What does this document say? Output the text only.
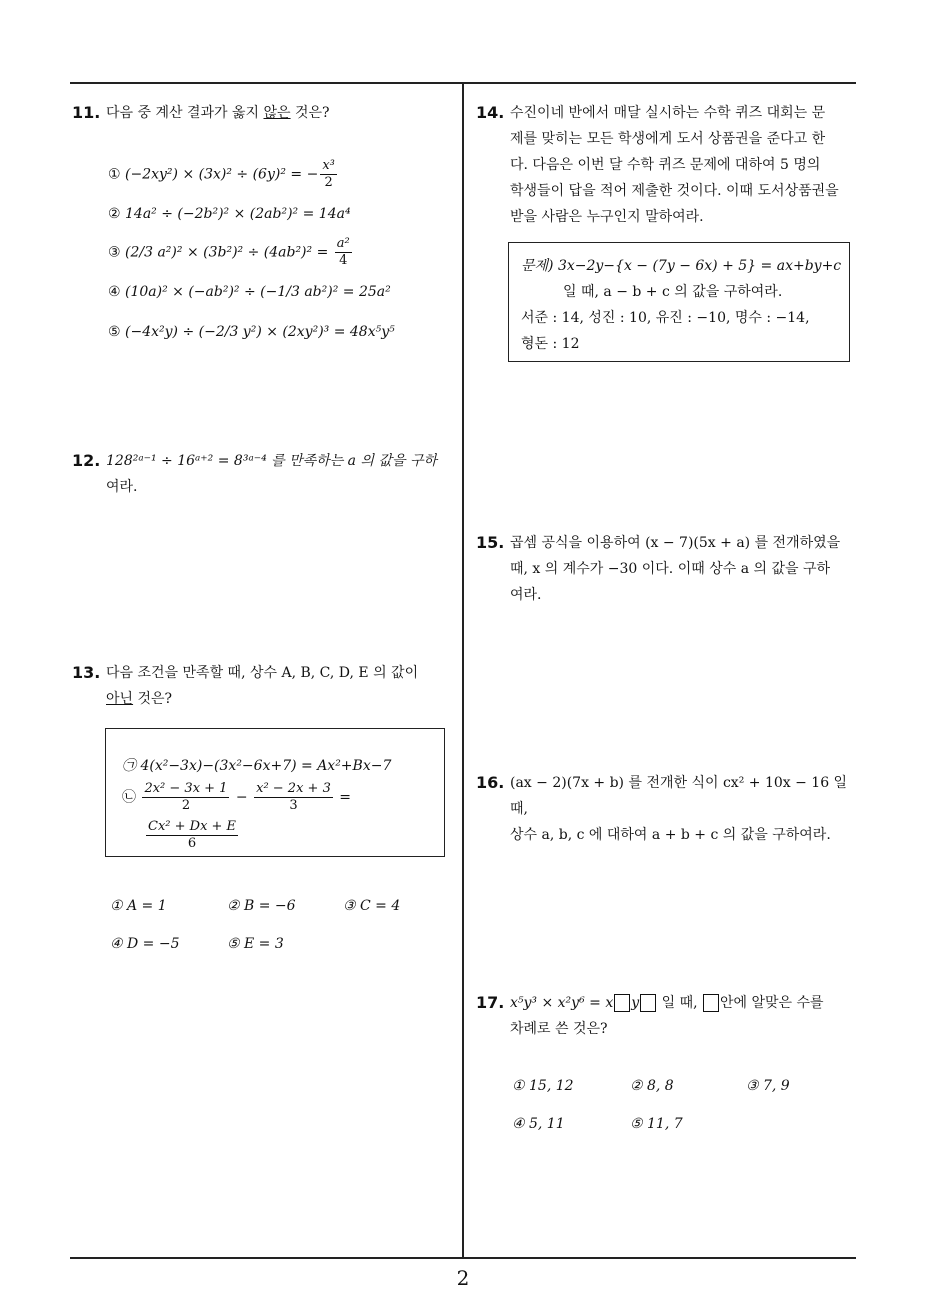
11. 다음 중 계산 결과가 옳지 않은 것은?
① (−2xy²) × (3x)² ÷ (6y)² = − $\frac{\text{x³}}{2}$
② 14a² ÷ (−2b²)² × (2ab²)² = 14a⁴
③ (2/3 $a^2)^2 \times (3b^2)^2 \div (4ab^2)^2 = \frac{\text{a²}}{4}$
④ (10a)² × (−ab²)² ÷ (−1/3 ab²)² = 25a²
⑤ (−4x²y) ÷ (−2/3 y²) × (2xy²)³ = 48x⁵y⁵
12. 128²ᵃ⁻¹ ÷ 16ᵃ⁺² = 8³ᵃ⁻⁴ 를 만족하는 a 의 값을 구하
여라.
13. 다음 조건을 만족할 때, 상수 A, B, C, D, E 의 값이
아닌 것은?
㉠ 4(x²−3x)−(3x²−6x+7) = Ax²+Bx−7
㉡ $\frac{\text{2x² − 3x + 1}}{2} - \frac{\text{x² − 2x + 3}}{3}$ =
$\frac{\text{Cx² + Dx + E}}{6}$
① A = 1	② B = −6	③ C = 4
④ D = −5	⑤ E = 3
14. 수진이네 반에서 매달 실시하는 수학 퀴즈 대회는 문
제를 맞히는 모든 학생에게 도서 상품권을 준다고 한
다. 다음은 이번 달 수학 퀴즈 문제에 대하여 5 명의
학생들이 답을 적어 제출한 것이다. 이때 도서상품권을
받을 사람은 누구인지 말하여라.
문제) 3x−2y−{x − (7y − 6x) + 5} = ax+by+c
일 때, a − b + c 의 값을 구하여라.
서준 : 14, 성진 : 10, 유진 : −10, 명수 : −14,
형돈 : 12
15. 곱셈 공식을 이용하여 (x − 7)(5x + a) 를 전개하였을
때, x 의 계수가 −30 이다. 이때 상수 a 의 값을 구하
여라.
16. (ax − 2)(7x + b) 를 전개한 식이 cx² + 10x − 16 일 때,
상수 a, b, c 에 대하여 a + b + c 의 값을 구하여라.
17. x⁵y³ × x²y⁶ = x y 일 때, 안에 알맞은 수를
차례로 쓴 것은?
① 15, 12	② 8, 8	③ 7, 9
④ 5, 11	⑤ 11, 7
2
